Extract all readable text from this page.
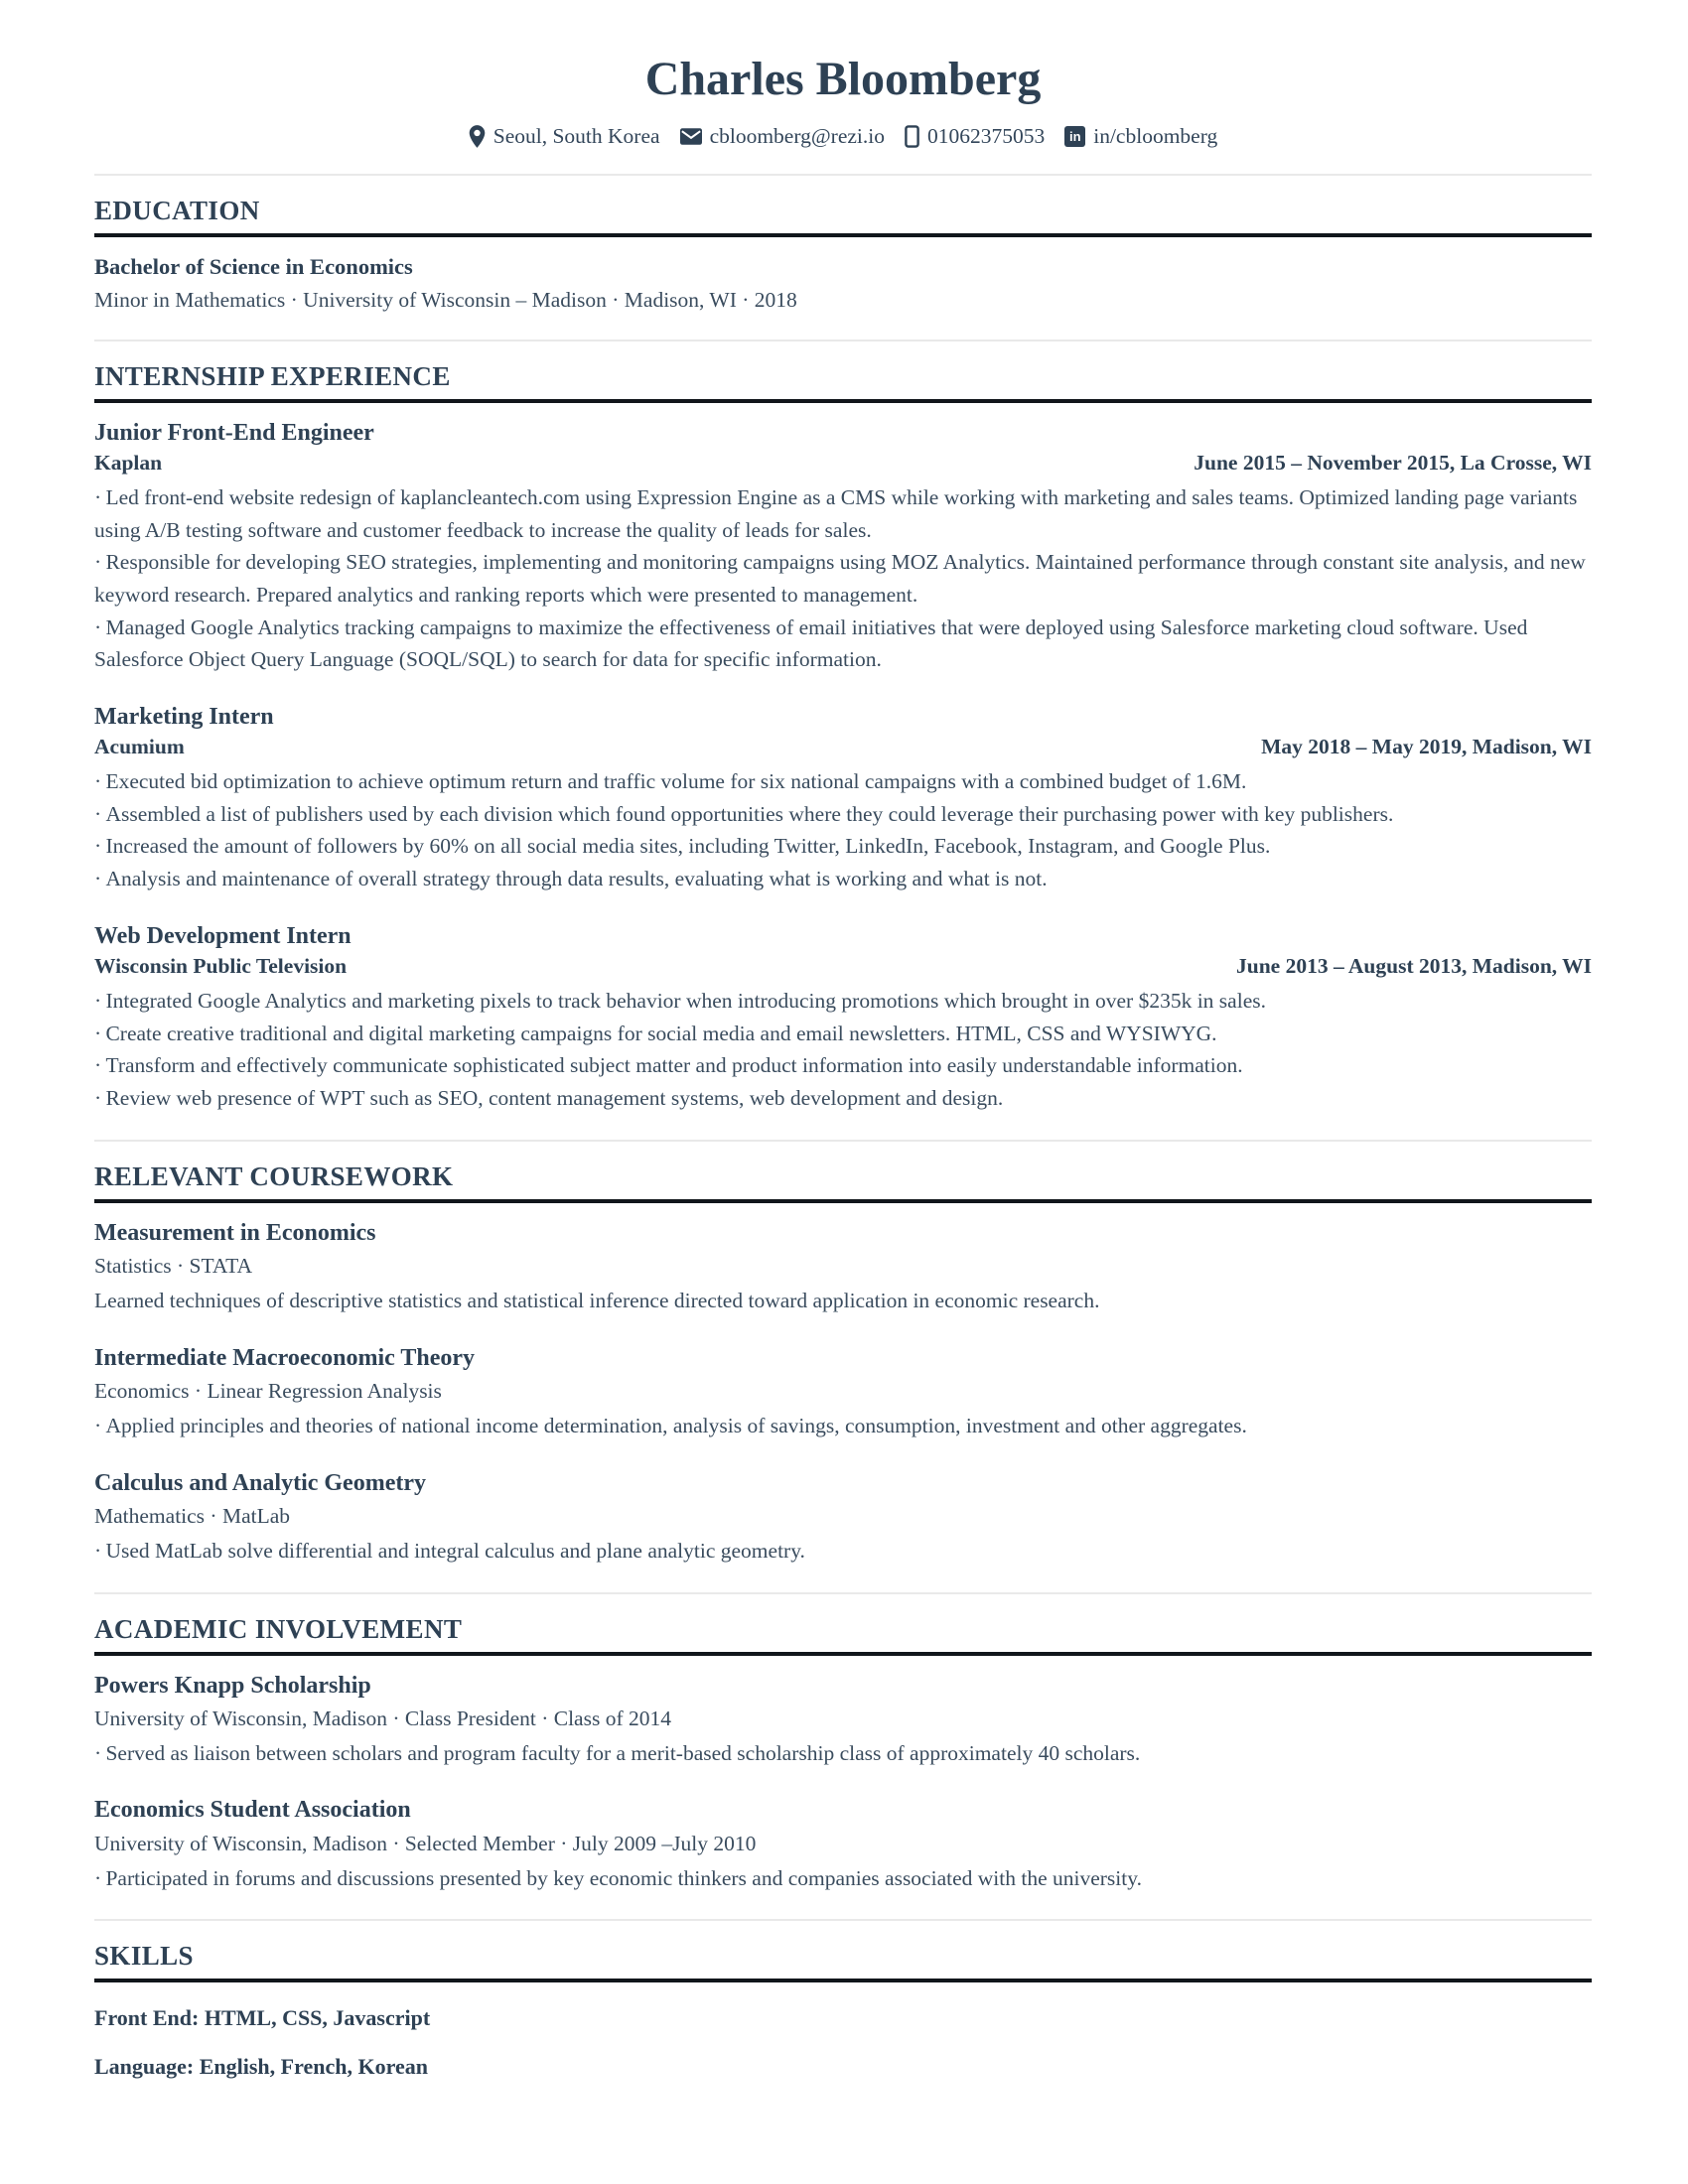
Charles Bloomberg
Seoul, South Korea cbloomberg@rezi.io 01062375053	in in/cbloomberg
EDUCATION
Bachelor of Science in Economics
Minor in Mathematics · University of Wisconsin – Madison · Madison, WI · 2018
INTERNSHIP EXPERIENCE
Junior Front-End Engineer
Kaplan	June 2015 – November 2015, La Crosse, WI
· Led front-end website redesign of kaplancleantech.com using Expression Engine as a CMS while working with marketing and sales teams. Optimized landing page variants using A/B testing software and customer feedback to increase the quality of leads for sales.
· Responsible for developing SEO strategies, implementing and monitoring campaigns using MOZ Analytics. Maintained performance through constant site analysis, and new keyword research. Prepared analytics and ranking reports which were presented to management.
· Managed Google Analytics tracking campaigns to maximize the effectiveness of email initiatives that were deployed using Salesforce marketing cloud software. Used Salesforce Object Query Language (SOQL/SQL) to search for data for specific information.
Marketing Intern
Acumium	May 2018 – May 2019, Madison, WI
· Executed bid optimization to achieve optimum return and traffic volume for six national campaigns with a combined budget of 1.6M.
· Assembled a list of publishers used by each division which found opportunities where they could leverage their purchasing power with key publishers.
· Increased the amount of followers by 60% on all social media sites, including Twitter, LinkedIn, Facebook, Instagram, and Google Plus.
· Analysis and maintenance of overall strategy through data results, evaluating what is working and what is not.
Web Development Intern
Wisconsin Public Television	June 2013 – August 2013, Madison, WI
· Integrated Google Analytics and marketing pixels to track behavior when introducing promotions which brought in over $235k in sales.
· Create creative traditional and digital marketing campaigns for social media and email newsletters. HTML, CSS and WYSIWYG.
· Transform and effectively communicate sophisticated subject matter and product information into easily understandable information.
· Review web presence of WPT such as SEO, content management systems, web development and design.
RELEVANT COURSEWORK
Measurement in Economics
Statistics · STATA
Learned techniques of descriptive statistics and statistical inference directed toward application in economic research.
Intermediate Macroeconomic Theory
Economics · Linear Regression Analysis
· Applied principles and theories of national income determination, analysis of savings, consumption, investment and other aggregates.
Calculus and Analytic Geometry
Mathematics · MatLab
· Used MatLab solve differential and integral calculus and plane analytic geometry.
ACADEMIC INVOLVEMENT
Powers Knapp Scholarship
University of Wisconsin, Madison · Class President · Class of 2014
· Served as liaison between scholars and program faculty for a merit-based scholarship class of approximately 40 scholars.
Economics Student Association
University of Wisconsin, Madison · Selected Member · July 2009 –July 2010
· Participated in forums and discussions presented by key economic thinkers and companies associated with the university.
SKILLS
Front End: HTML, CSS, Javascript
Language: English, French, Korean
